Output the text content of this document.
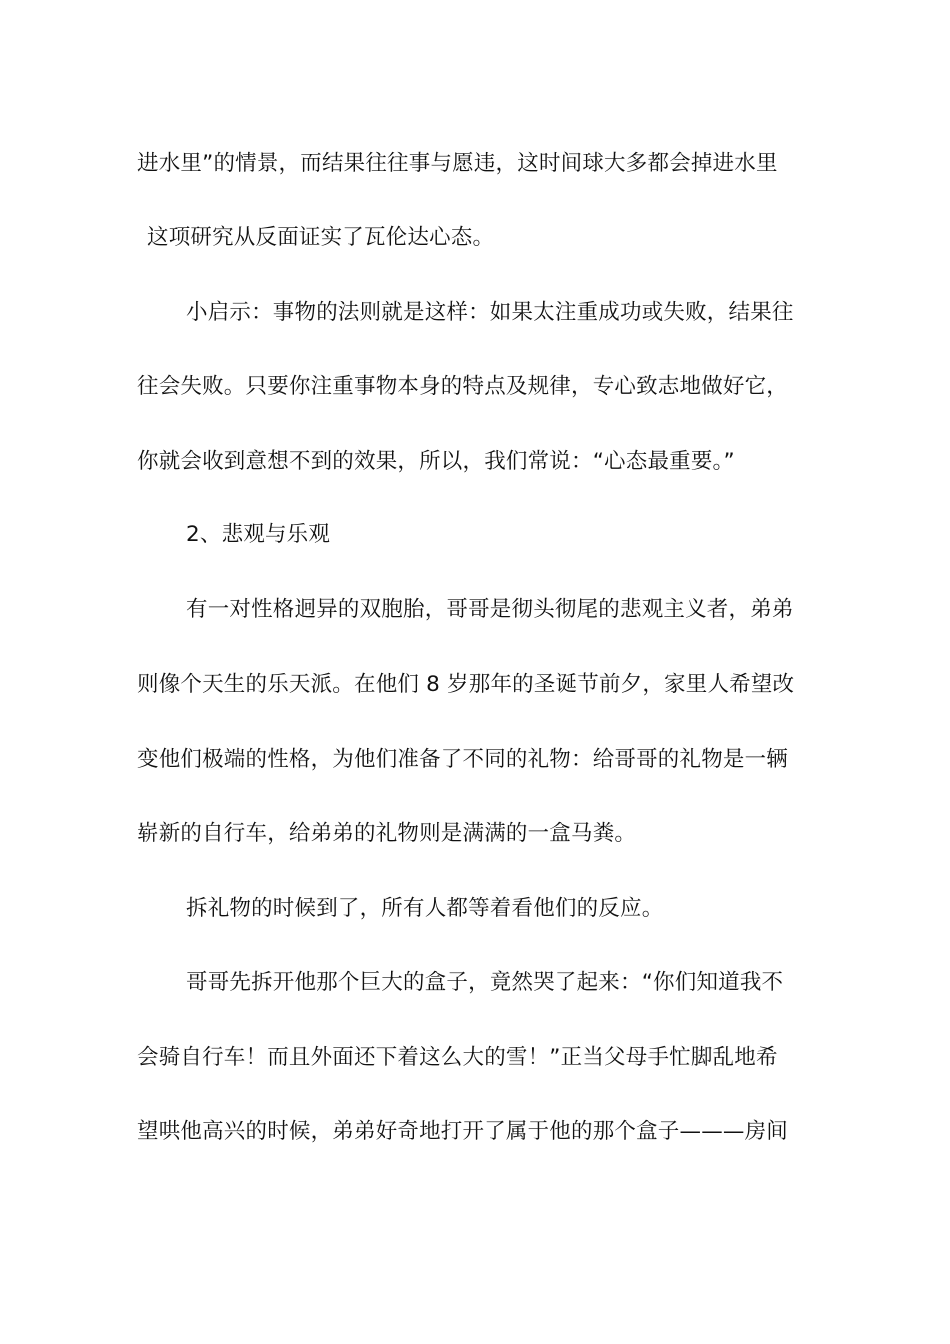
进水里”的情景，而结果往往事与愿违，这时间球大多都会掉进水里
这项研究从反面证实了瓦伦达心态。
小启示：事物的法则就是这样：如果太注重成功或失败，结果往
往会失败。只要你注重事物本身的特点及规律，专心致志地做好它，
你就会收到意想不到的效果，所以，我们常说：“心态最重要。”
2、悲观与乐观
有一对性格迥异的双胞胎，哥哥是彻头彻尾的悲观主义者，弟弟
则像个天生的乐天派。在他们 8 岁那年的圣诞节前夕，家里人希望改
变他们极端的性格，为他们准备了不同的礼物：给哥哥的礼物是一辆
崭新的自行车，给弟弟的礼物则是满满的一盒马粪。
拆礼物的时候到了，所有人都等着看他们的反应。
哥哥先拆开他那个巨大的盒子，竟然哭了起来：“你们知道我不
会骑自行车！而且外面还下着这么大的雪！”正当父母手忙脚乱地希
望哄他高兴的时候，弟弟好奇地打开了属于他的那个盒子———房间
